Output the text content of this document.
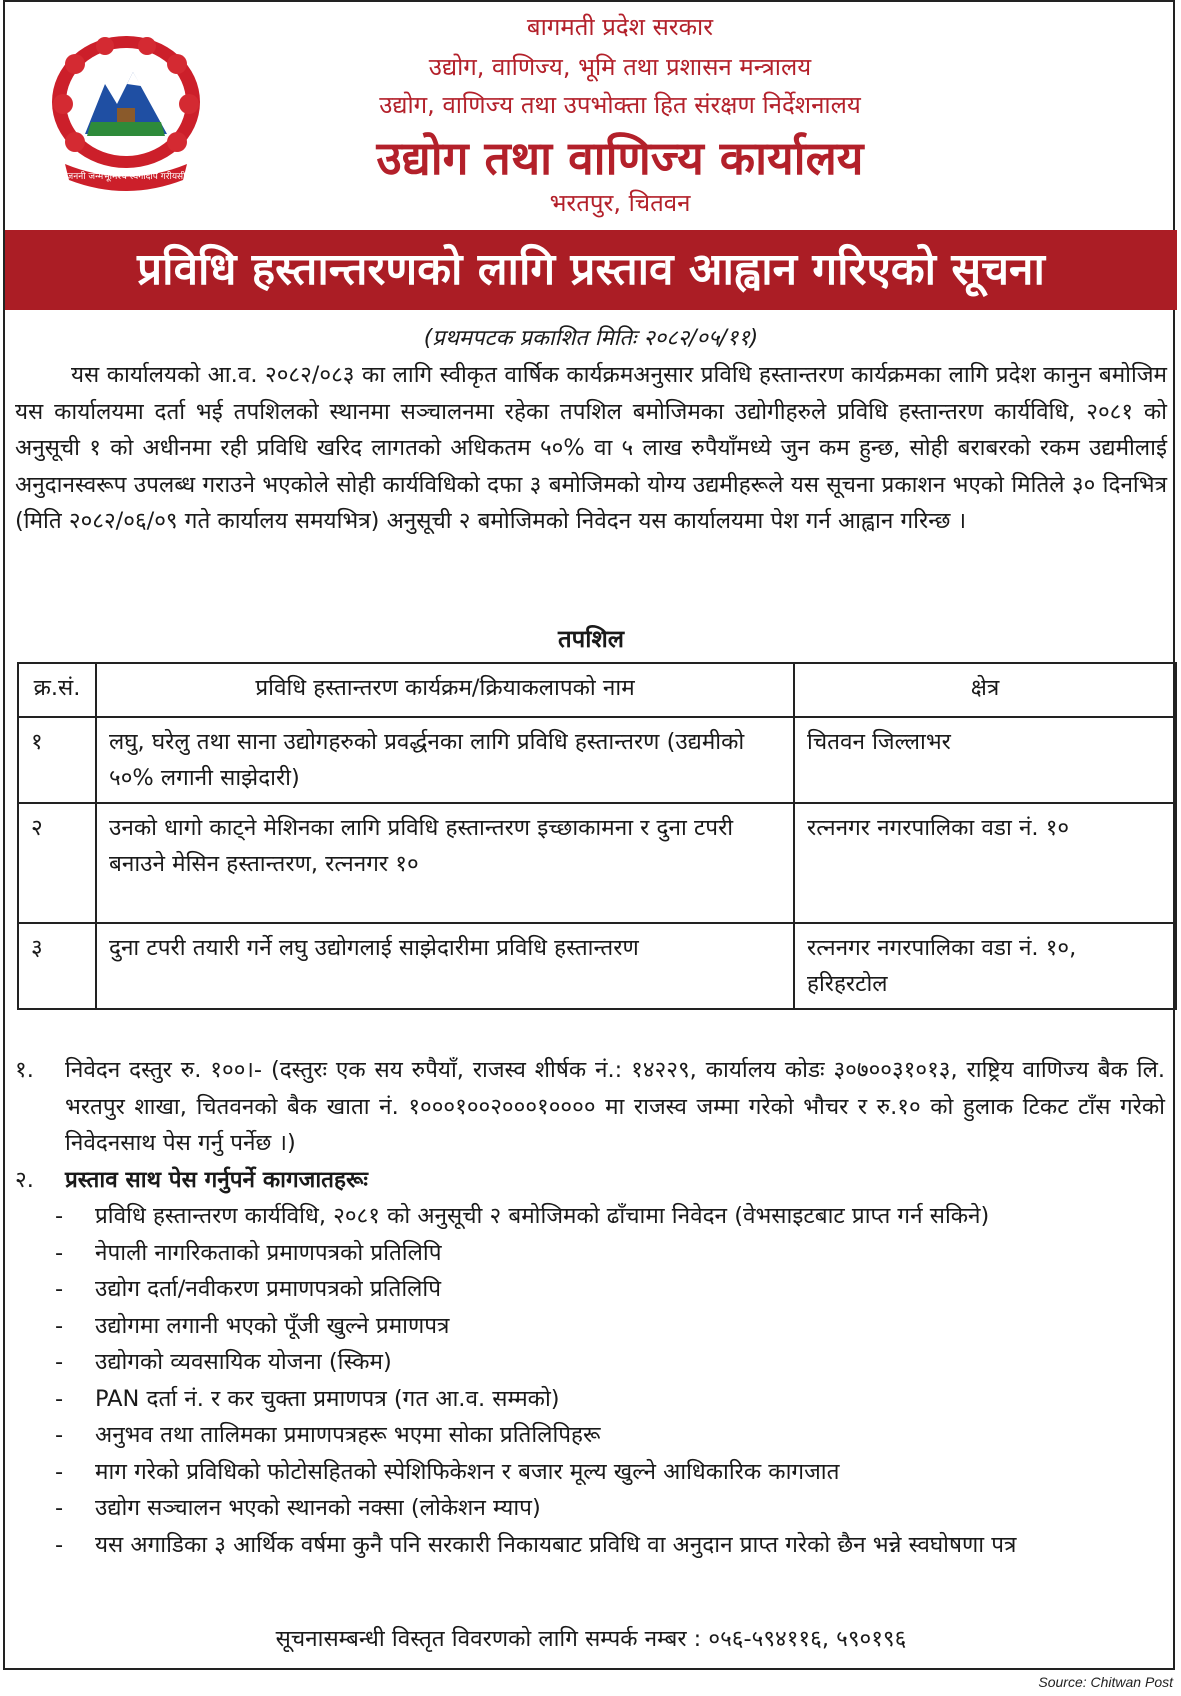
जननी जन्मभूमिश्च स्वर्गादपि गरीयसी
बागमती प्रदेश सरकार
उद्योग, वाणिज्य, भूमि तथा प्रशासन मन्त्रालय
उद्योग, वाणिज्य तथा उपभोक्ता हित संरक्षण निर्देशनालय
उद्योग तथा वाणिज्य कार्यालय
भरतपुर, चितवन
प्रविधि हस्तान्तरणको लागि प्रस्ताव आह्वान गरिएको सूचना
(प्रथमपटक प्रकाशित मितिः २०८२/०५/११)

यस कार्यालयको आ.व. २०८२/०८३ का लागि स्वीकृत वार्षिक कार्यक्रमअनुसार प्रविधि हस्तान्तरण कार्यक्रमका लागि प्रदेश कानुन बमोजिम यस कार्यालयमा दर्ता भई तपशिलको स्थानमा सञ्चालनमा रहेका तपशिल बमोजिमका उद्योगीहरुले प्रविधि हस्तान्तरण कार्यविधि, २०८१ को अनुसूची १ को अधीनमा रही प्रविधि खरिद लागतको अधिकतम ५०% वा ५ लाख रुपैयाँमध्ये जुन कम हुन्छ, सोही बराबरको रकम उद्यमीलाई अनुदानस्वरूप उपलब्ध गराउने भएकोले सोही कार्यविधिको दफा ३ बमोजिमको योग्य उद्यमीहरूले यस सूचना प्रकाशन भएको मितिले ३० दिनभित्र (मिति २०८२/०६/०९ गते कार्यालय समयभित्र) अनुसूची २ बमोजिमको निवेदन यस कार्यालयमा पेश गर्न आह्वान गरिन्छ ।

तपशिल
क्र.सं.	प्रविधि हस्तान्तरण कार्यक्रम/क्रियाकलापको नाम	क्षेत्र
१	लघु, घरेलु तथा साना उद्योगहरुको प्रवर्द्धनका लागि प्रविधि हस्तान्तरण (उद्यमीको ५०% लगानी साझेदारी)	चितवन जिल्लाभर
२	उनको धागो काट्ने मेशिनका लागि प्रविधि हस्तान्तरण इच्छाकामना र दुना टपरी बनाउने मेसिन हस्तान्तरण, रत्ननगर १०	रत्ननगर नगरपालिका वडा नं. १०
३	दुना टपरी तयारी गर्ने लघु उद्योगलाई साझेदारीमा प्रविधि हस्तान्तरण	रत्ननगर नगरपालिका वडा नं. १०, हरिहरटोल
१. निवेदन दस्तुर रु. १००।- (दस्तुरः एक सय रुपैयाँ, राजस्व शीर्षक नं.: १४२२९, कार्यालय कोडः ३०७००३१०१३, राष्ट्रिय वाणिज्य बैक लि. भरतपुर शाखा, चितवनको बैक खाता नं. १०००१००२०००१०००० मा राजस्व जम्मा गरेको भौचर र रु.१० को हुलाक टिकट टाँस गरेको निवेदनसाथ पेस गर्नु पर्नेछ ।)
२. प्रस्ताव साथ पेस गर्नुपर्ने कागजातहरूः
- प्रविधि हस्तान्तरण कार्यविधि, २०८१ को अनुसूची २ बमोजिमको ढाँचामा निवेदन (वेभसाइटबाट प्राप्त गर्न सकिने)
- नेपाली नागरिकताको प्रमाणपत्रको प्रतिलिपि
- उद्योग दर्ता/नवीकरण प्रमाणपत्रको प्रतिलिपि
- उद्योगमा लगानी भएको पूँजी खुल्ने प्रमाणपत्र
- उद्योगको व्यवसायिक योजना (स्किम)
- PAN दर्ता नं. र कर चुक्ता प्रमाणपत्र (गत आ.व. सम्मको)
- अनुभव तथा तालिमका प्रमाणपत्रहरू भएमा सोका प्रतिलिपिहरू
- माग गरेको प्रविधिको फोटोसहितको स्पेशिफिकेशन र बजार मूल्य खुल्ने आधिकारिक कागजात
- उद्योग सञ्चालन भएको स्थानको नक्सा (लोकेशन म्याप)
- यस अगाडिका ३ आर्थिक वर्षमा कुनै पनि सरकारी निकायबाट प्रविधि वा अनुदान प्राप्त गरेको छैन भन्ने स्वघोषणा पत्र
सूचनासम्बन्धी विस्तृत विवरणको लागि सम्पर्क नम्बर : ०५६-५९४११६, ५९०१९६
Source: Chitwan Post
